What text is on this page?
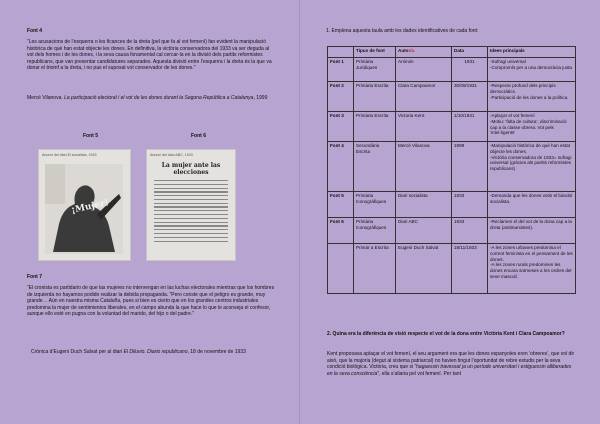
Font 4
“Les acusacions de l’esquerra o les ficances de la dreta (pel que fa al vot femení) fan evident la manipulació històrica de què han estat objecte les dones. En definitiva, la victòria conservadora del 1933 va ser deguda al vot dels homes i de les dones, i la seva causa fonamental cal cercar-la en la divisió dels partits reformistes republicans, que van presentar candidatures separades. Aquesta divisió entre l’esquerra i la dreta és la que va donar el triomf a la dreta, i no pas el suposat vot conservador de les dones.”
Mercè Vilanova. La participació electoral i el vot de les dones durant la Segona República a Catalunya, 1999
Font 5	Font 6
Anunci del diari El socialista, 1933
¡Mujer!
Anunci del diari ABC, 1933
La mujer ante las elecciones
Font 7
“El cronista es partidario de que las mujeres no intervengan en las luchas electorales mientras que los hombres de izquierda no hayamos podido realizar la debida propaganda. “Pero conste que el peligro es grande, muy grande… Aún en nuestra misma Cataluña, pues si bien es cierto que en los grandes centros industriales predomina la mujer de sentimientos liberales, en el campo abunda la que hace lo que le aconseja el confesor, aunque ello esté en pugna con la voluntad del marido, del hijo o del padre.”
Crònica d’Eugeni Duch Salvat per al diari El Diluvio. Diario republicano, 18 de novembre de 1933
1. Emplena aquesta taula amb les dades identificatives de cada font:
	Tipus de font	Autor/a	Data	Idees principals
Font 1	Primària Jurídiques	Anònim	1931	-Sufragi universal
-Compromís per a una democràcia justa
Font 2	Primària Escrita	Clara Campoamor	30/09/1931	-Respecte profund dels principis democràtics.
-Participació de les dones a la política.
Font 3	Primària Escrita	Victoria Kent.	1/10/1931	-Aplaçar el vot femení
-Motiu: ‘falta de cultura’, discriminació cap a la classe obrera. Vot pels ‘intel·ligents’
Font 4	Secundària Escrita	Mercè Vilanova	1999	-Manipulació històrica de què han estat objecte les dones.
-Victòria conservadora de 1933= sufragi universal (gràcies als partits reformistes republicans)
Font 5	Primària Iconogràfiques	Diari socialista	1933	-Demanda que les dones votin el bàndol socialista.
Font 6	Primària Iconogràfiques	Diari ABC	1933	-Reclamen el del vot de la dona cap a la dreta (antimarxistes).
	Primàr a Escrita	Eugeni Duch Salvat	18/11/1933	-A les zones urbanes predomina el corrent feminista en el pensament de les dones.
-A les zones rurals predominen les dones encara sotmeses a les ordres del sexe masculí.
2. Quina era la diferència de visió respecte el vot de la dona entre Victòria Kent i Clara Campoamor?
Kent proposava aplaçar el vot femení, el seu argument era que les dones espanyoles eren ‘obreres’, que vol dir això, que la majoria (degut al sistema patriarcal) no havien tingut l’oportunitat de rebre estudis per la seva condició biològica. Victòria, creu que si “haguessin travessat ja un període universitari i estiguessin alliberades en la seva consciència”, ella s’aliaria pel vot femení. Per tant
